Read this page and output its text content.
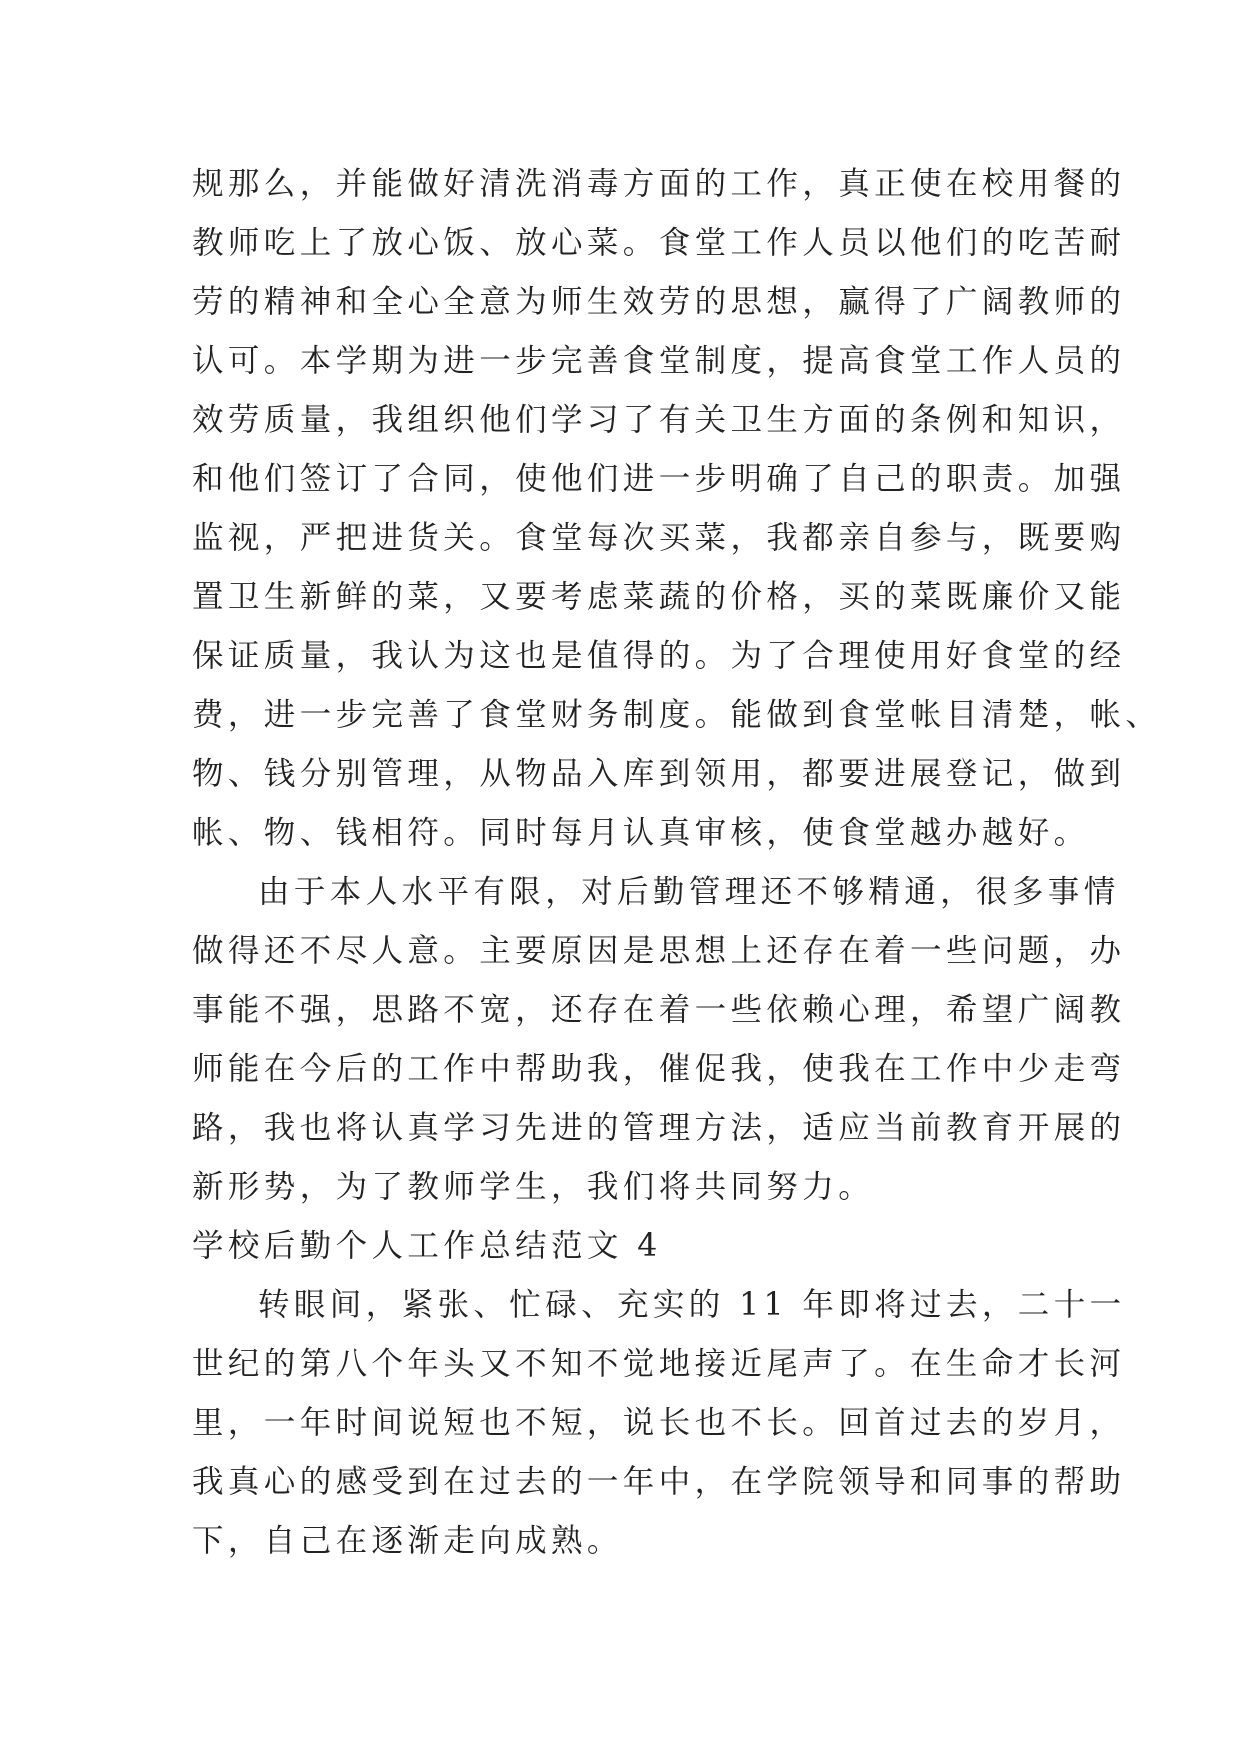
规那么，并能做好清洗消毒方面的工作，真正使在校用餐的
教师吃上了放心饭、放心菜。食堂工作人员以他们的吃苦耐
劳的精神和全心全意为师生效劳的思想，赢得了广阔教师的
认可。本学期为进一步完善食堂制度，提高食堂工作人员的
效劳质量，我组织他们学习了有关卫生方面的条例和知识，
和他们签订了合同，使他们进一步明确了自己的职责。加强
监视，严把进货关。食堂每次买菜，我都亲自参与，既要购
置卫生新鲜的菜，又要考虑菜蔬的价格，买的菜既廉价又能
保证质量，我认为这也是值得的。为了合理使用好食堂的经
费，进一步完善了食堂财务制度。能做到食堂帐目清楚，帐、
物、钱分别管理，从物品入库到领用，都要进展登记，做到
帐、物、钱相符。同时每月认真审核，使食堂越办越好。
由于本人水平有限，对后勤管理还不够精通，很多事情
做得还不尽人意。主要原因是思想上还存在着一些问题，办
事能不强，思路不宽，还存在着一些依赖心理，希望广阔教
师能在今后的工作中帮助我，催促我，使我在工作中少走弯
路，我也将认真学习先进的管理方法，适应当前教育开展的
新形势，为了教师学生，我们将共同努力。
学校后勤个人工作总结范文 4
转眼间，紧张、忙碌、充实的 11 年即将过去，二十一
世纪的第八个年头又不知不觉地接近尾声了。在生命才长河
里，一年时间说短也不短，说长也不长。回首过去的岁月，
我真心的感受到在过去的一年中，在学院领导和同事的帮助
下，自己在逐渐走向成熟。
